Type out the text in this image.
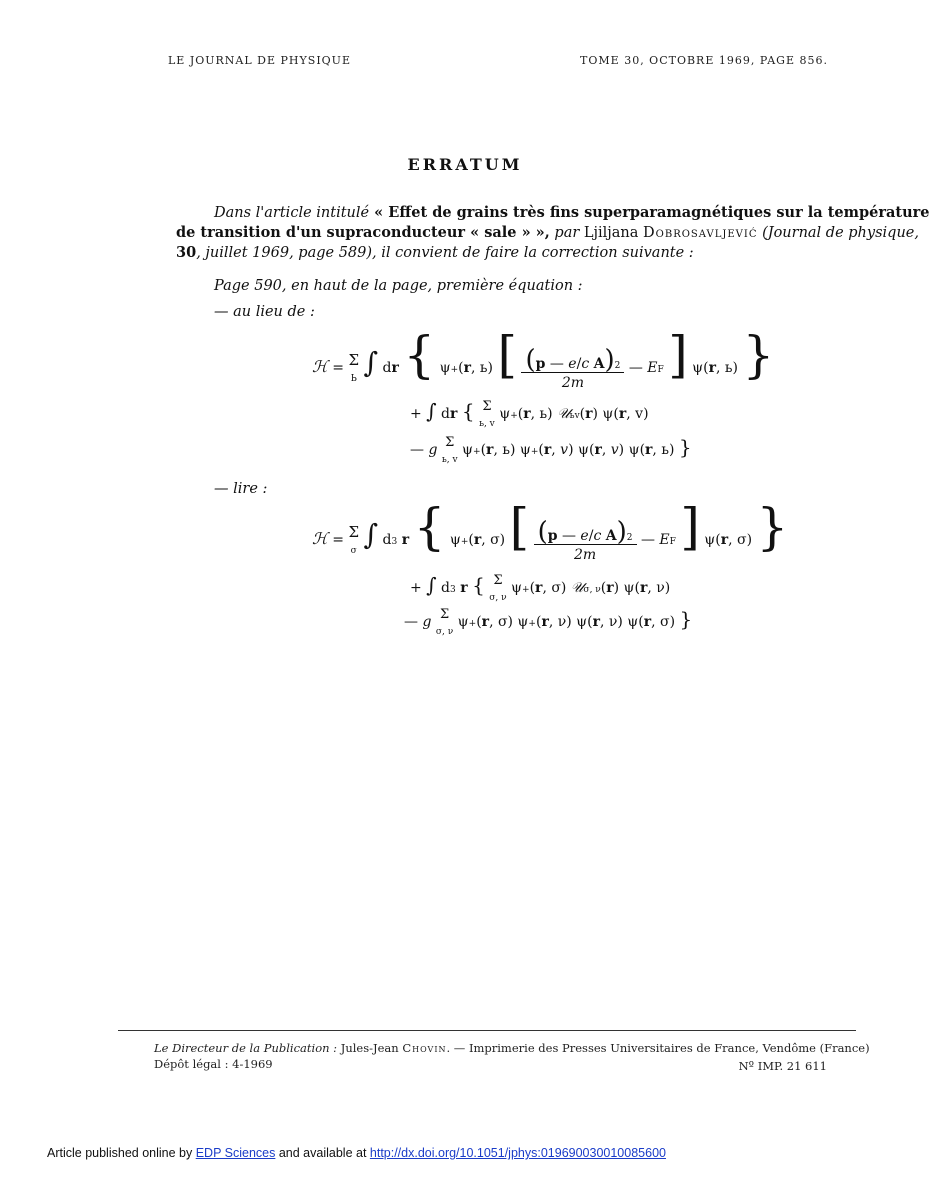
LE JOURNAL DE PHYSIQUE	TOME 30, OCTOBRE 1969, PAGE 856.
ERRATUM
Dans l'article intitulé « Effet de grains très fins superparamagnétiques sur la température
de transition d'un supraconducteur « sale » », par Ljiljana Dobrosavljević (Journal de physique,
30, juillet 1969, page 589), il convient de faire la correction suivante :
Page 590, en haut de la page, première équation :
— au lieu de :
ℋ = Σ
Ь ∫ dr { ψ+(r, ь) [ $\frac{\text{(p — e/c A)2}}{2m}$ — EF ] ψ(r, ь) }
+ ∫ dr { Σ
ь, v ψ+(r, ь) 𝒰ьv(r) ψ(r, v)
— g Σ
ь, v ψ+(r, ь) ψ+(r, v) ψ(r, v) ψ(r, ь) }
— lire :
ℋ = Σ
σ ∫ d3 r { ψ+(r, σ) [ $\frac{\text{(p — e/c A)2}}{2m}$ — EF ] ψ(r, σ) }
+ ∫ d3 r { Σ
σ, ν ψ+(r, σ) 𝒰σ, ν(r) ψ(r, ν)
— g Σ
σ, ν ψ+(r, σ) ψ+(r, ν) ψ(r, ν) ψ(r, σ) }
Le Directeur de la Publication : Jules-Jean Chovin. — Imprimerie des Presses Universitaires de France, Vendôme (France)
Dépôt légal : 4-1969	Nº IMP. 21 611
Article published online by EDP Sciences and available at http://dx.doi.org/10.1051/jphys:019690030010085600
